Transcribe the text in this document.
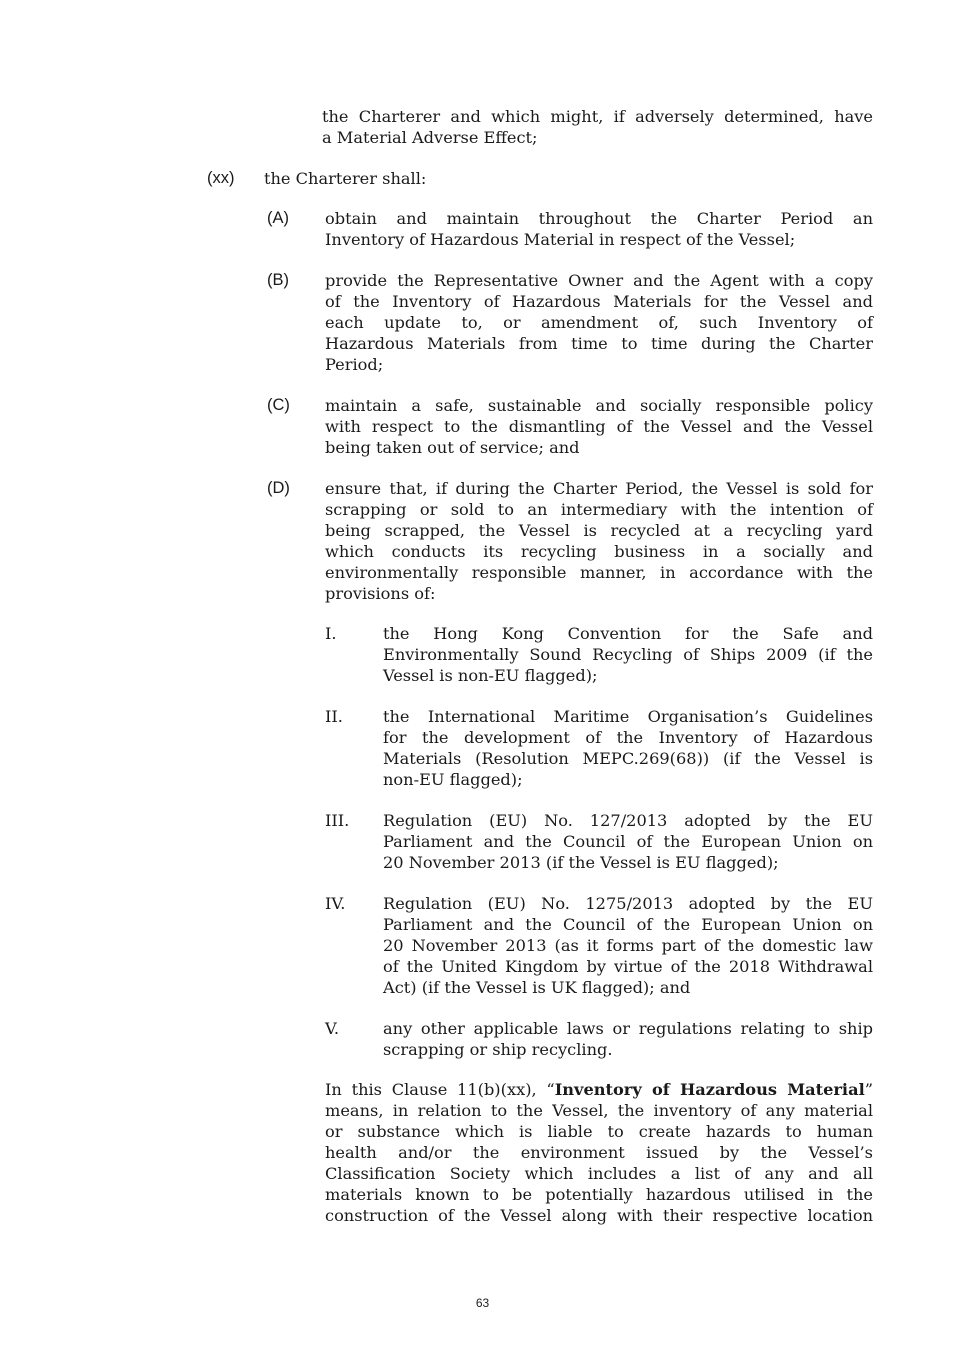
the Charterer and which might, if adversely determined, have
a Material Adverse Effect;
(xx) the Charterer shall:
(A) obtain and maintain throughout the Charter Period an
Inventory of Hazardous Material in respect of the Vessel;
(B) provide the Representative Owner and the Agent with a copy
of the Inventory of Hazardous Materials for the Vessel and
each update to, or amendment of, such Inventory of
Hazardous Materials from time to time during the Charter
Period;
(C) maintain a safe, sustainable and socially responsible policy
with respect to the dismantling of the Vessel and the Vessel
being taken out of service; and
(D) ensure that, if during the Charter Period, the Vessel is sold for
scrapping or sold to an intermediary with the intention of
being scrapped, the Vessel is recycled at a recycling yard
which conducts its recycling business in a socially and
environmentally responsible manner, in accordance with the
provisions of:
I.	the Hong Kong Convention for the Safe and
Environmentally Sound Recycling of Ships 2009 (if the
Vessel is non-EU flagged);
II. the International Maritime Organisation’s Guidelines
for the development of the Inventory of Hazardous
Materials (Resolution MEPC.269(68)) (if the Vessel is
non-EU flagged);
III. Regulation (EU) No. 127/2013 adopted by the EU
Parliament and the Council of the European Union on
20 November 2013 (if the Vessel is EU flagged);
IV. Regulation (EU) No. 1275/2013 adopted by the EU
Parliament and the Council of the European Union on
20 November 2013 (as it forms part of the domestic law
of the United Kingdom by virtue of the 2018 Withdrawal
Act) (if the Vessel is UK flagged); and
V.	any other applicable laws or regulations relating to ship
scrapping or ship recycling.
In this Clause 11(b)(xx), “Inventory of Hazardous Material”
means, in relation to the Vessel, the inventory of any material
or substance which is liable to create hazards to human
health and/or the environment issued by the Vessel’s
Classification Society which includes a list of any and all
materials known to be potentially hazardous utilised in the
construction of the Vessel along with their respective location
63
